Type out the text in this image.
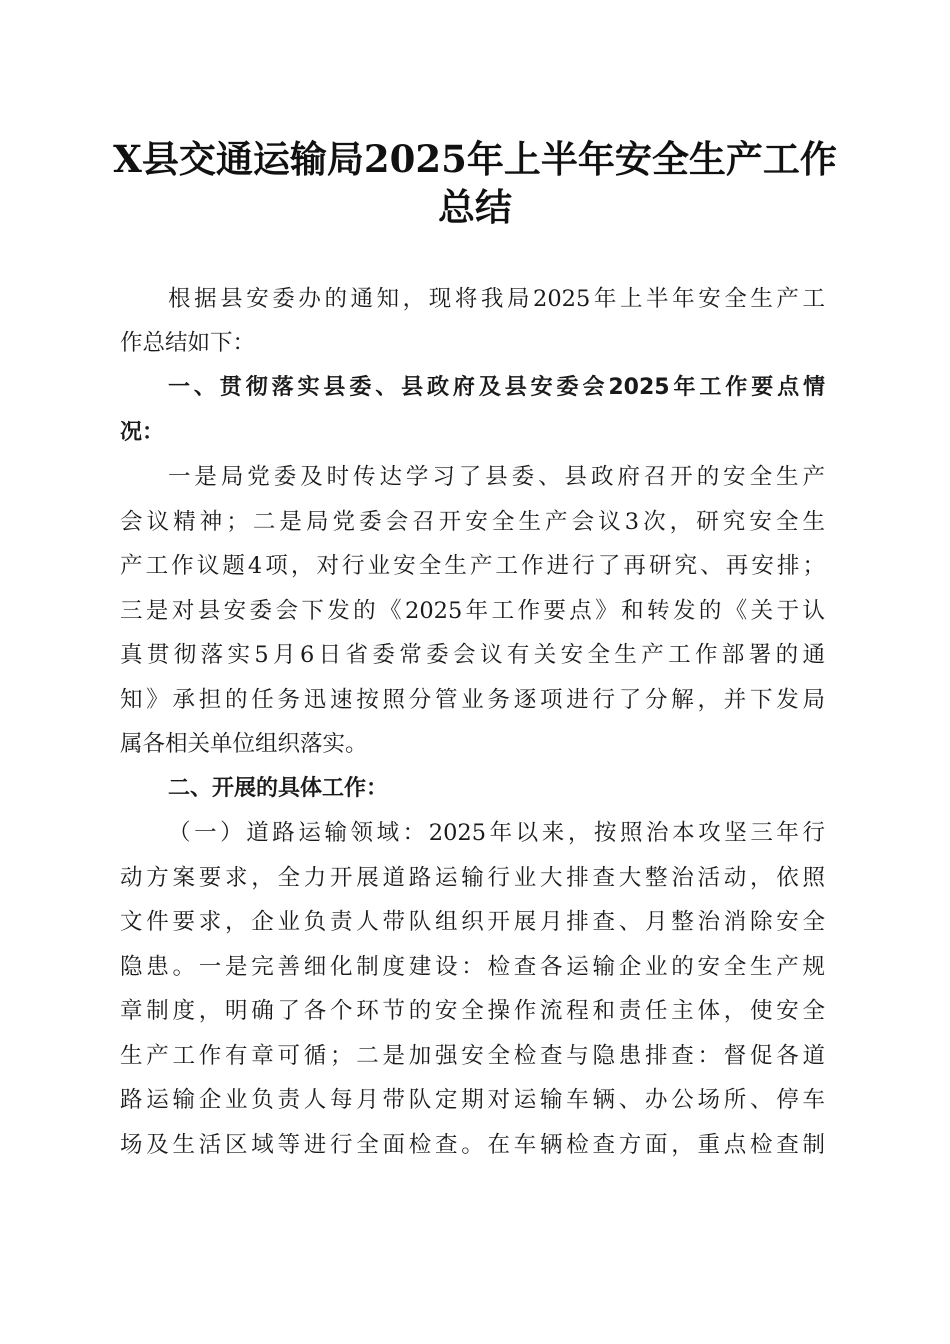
X县交通运输局2025年上半年安全生产工作
总结
根据县安委办的通知，现将我局2025年上半年安全生产工
作总结如下：
一、贯彻落实县委、县政府及县安委会2025年工作要点情
况：
一是局党委及时传达学习了县委、县政府召开的安全生产
会议精神；二是局党委会召开安全生产会议3次，研究安全生
产工作议题4项，对行业安全生产工作进行了再研究、再安排；
三是对县安委会下发的《2025年工作要点》和转发的《关于认
真贯彻落实5月6日省委常委会议有关安全生产工作部署的通
知》承担的任务迅速按照分管业务逐项进行了分解，并下发局
属各相关单位组织落实。
二、开展的具体工作：
（一）道路运输领域：2025年以来，按照治本攻坚三年行
动方案要求，全力开展道路运输行业大排查大整治活动，依照
文件要求，企业负责人带队组织开展月排查、月整治消除安全
隐患。一是完善细化制度建设：检查各运输企业的安全生产规
章制度，明确了各个环节的安全操作流程和责任主体，使安全
生产工作有章可循；二是加强安全检查与隐患排查：督促各道
路运输企业负责人每月带队定期对运输车辆、办公场所、停车
场及生活区域等进行全面检查。在车辆检查方面，重点检查制
